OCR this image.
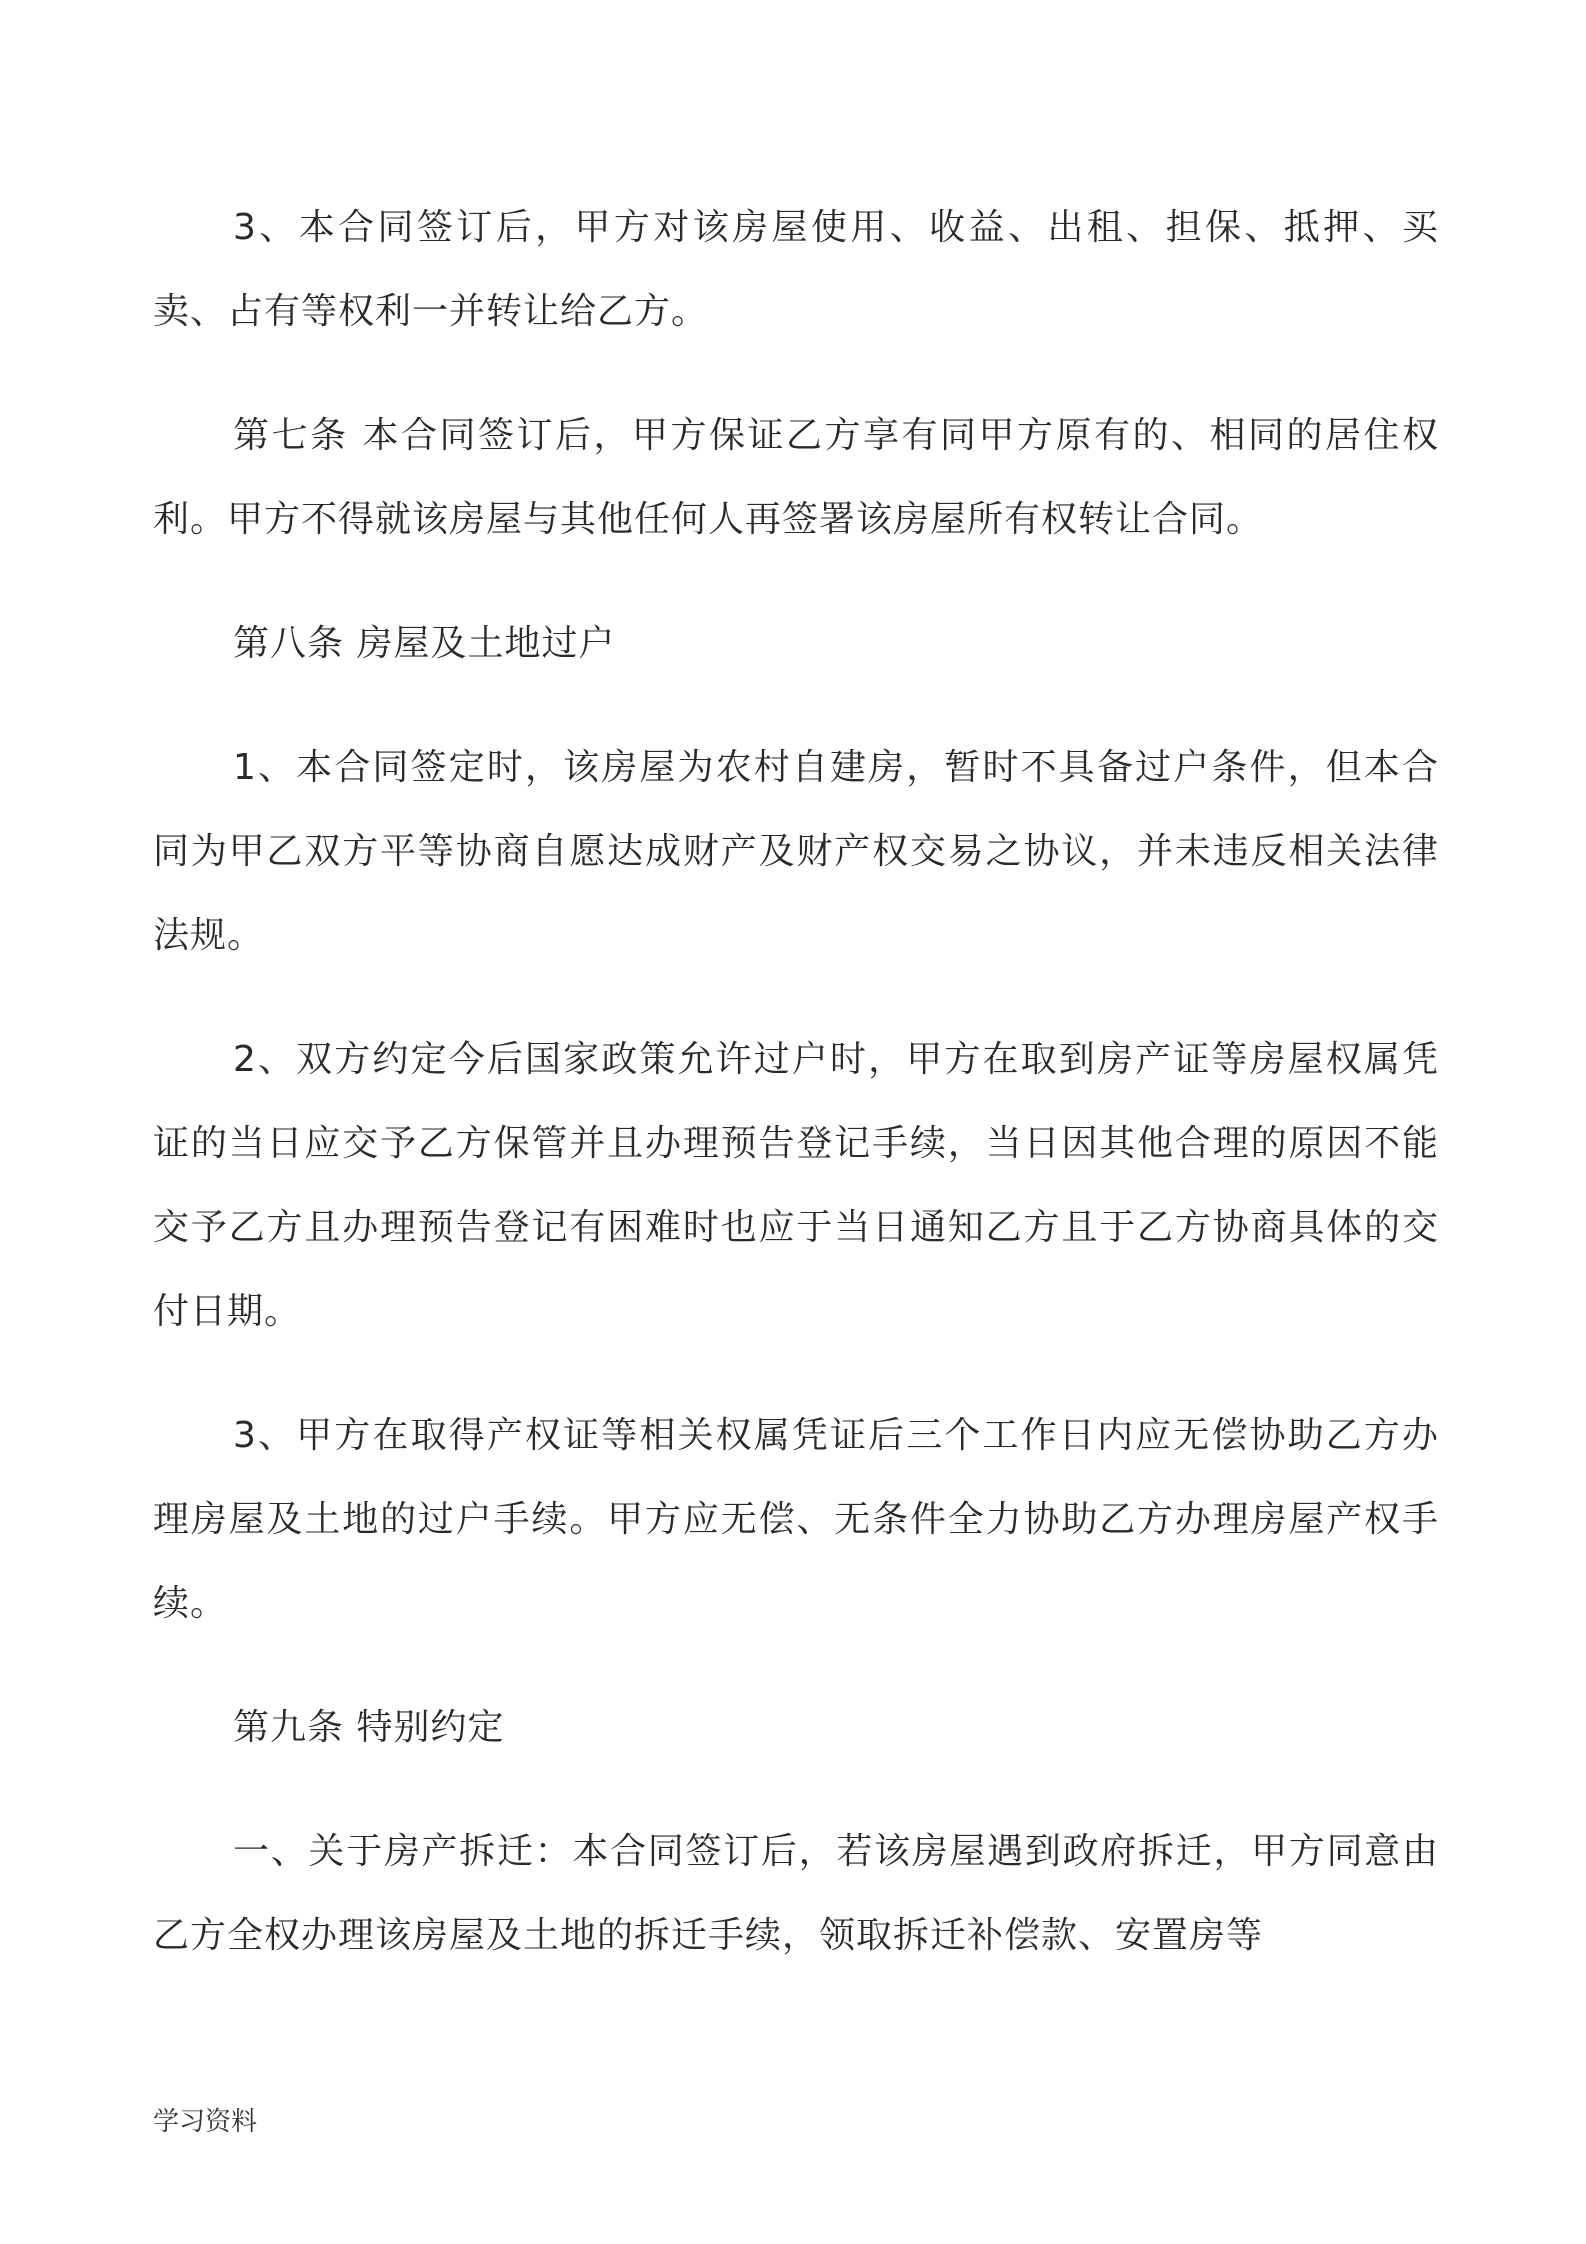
3、本合同签订后，甲方对该房屋使用、收益、出租、担保、抵押、买卖、占有等权利一并转让给乙方。

第七条 本合同签订后，甲方保证乙方享有同甲方原有的、相同的居住权利。甲方不得就该房屋与其他任何人再签署该房屋所有权转让合同。

第八条 房屋及土地过户

1、本合同签定时，该房屋为农村自建房，暂时不具备过户条件，但本合同为甲乙双方平等协商自愿达成财产及财产权交易之协议，并未违反相关法律法规。

2、双方约定今后国家政策允许过户时，甲方在取到房产证等房屋权属凭证的当日应交予乙方保管并且办理预告登记手续，当日因其他合理的原因不能交予乙方且办理预告登记有困难时也应于当日通知乙方且于乙方协商具体的交付日期。

3、甲方在取得产权证等相关权属凭证后三个工作日内应无偿协助乙方办理房屋及土地的过户手续。甲方应无偿、无条件全力协助乙方办理房屋产权手续。

第九条 特别约定

一、关于房产拆迁：本合同签订后，若该房屋遇到政府拆迁，甲方同意由乙方全权办理该房屋及土地的拆迁手续，领取拆迁补偿款、安置房等

学习资料
